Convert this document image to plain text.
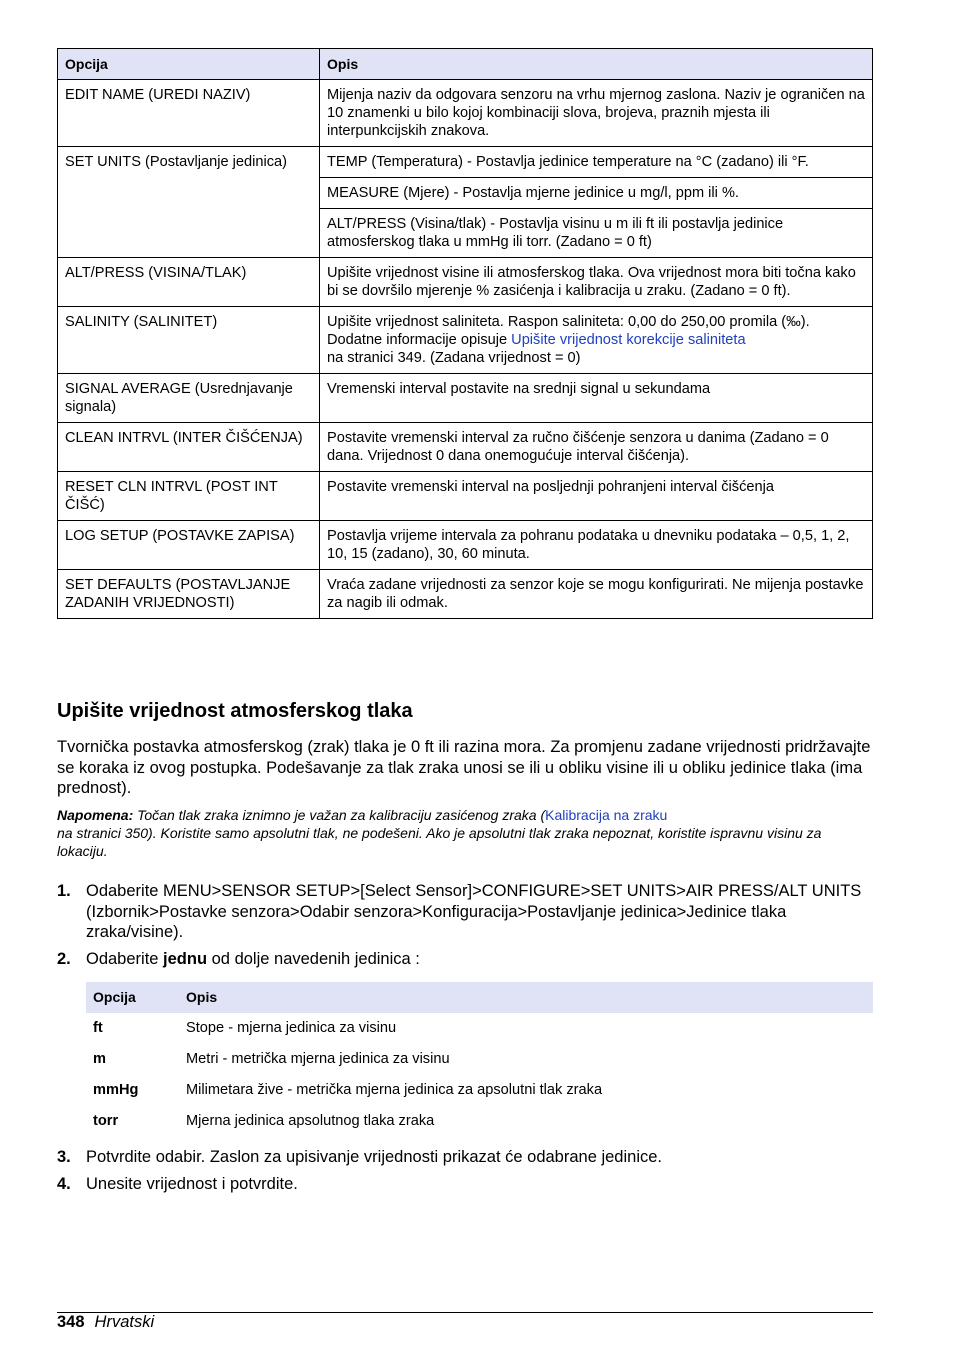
Opcija	Opis
EDIT NAME (UREDI NAZIV)	Mijenja naziv da odgovara senzoru na vrhu mjernog zaslona. Naziv je ograničen na 10 znamenki u bilo kojoj kombinaciji slova, brojeva, praznih mjesta ili interpunkcijskih znakova.
SET UNITS (Postavljanje jedinica)	TEMP (Temperatura) - Postavlja jedinice temperature na °C (zadano) ili °F.
	MEASURE (Mjere) - Postavlja mjerne jedinice u mg/l, ppm ili %.
	ALT/PRESS (Visina/tlak) - Postavlja visinu u m ili ft ili postavlja jedinice atmosferskog tlaka u mmHg ili torr. (Zadano = 0 ft)
ALT/PRESS (VISINA/TLAK)	Upišite vrijednost visine ili atmosferskog tlaka. Ova vrijednost mora biti točna kako bi se dovršilo mjerenje % zasićenja i kalibracija u zraku. (Zadano = 0 ft).
SALINITY (SALINITET)	Upišite vrijednost saliniteta. Raspon saliniteta: 0,00 do 250,00 promila (‰). Dodatne informacije opisuje Upišite vrijednost korekcije saliniteta
na stranici 349. (Zadana vrijednost = 0)
SIGNAL AVERAGE (Usrednjavanje signala)	Vremenski interval postavite na srednji signal u sekundama
CLEAN INTRVL (INTER ČIŠĆENJA)	Postavite vremenski interval za ručno čišćenje senzora u danima (Zadano = 0 dana. Vrijednost 0 dana onemogućuje interval čišćenja).
RESET CLN INTRVL (POST INT ČIŠĆ)	Postavite vremenski interval na posljednji pohranjeni interval čišćenja
LOG SETUP (POSTAVKE ZAPISA)	Postavlja vrijeme intervala za pohranu podataka u dnevniku podataka – 0,5, 1, 2, 10, 15 (zadano), 30, 60 minuta.
SET DEFAULTS (POSTAVLJANJE ZADANIH VRIJEDNOSTI)	Vraća zadane vrijednosti za senzor koje se mogu konfigurirati. Ne mijenja postavke za nagib ili odmak.
Upišite vrijednost atmosferskog tlaka

Tvornička postavka atmosferskog (zrak) tlaka je 0 ft ili razina mora. Za promjenu zadane vrijednosti pridržavajte se koraka iz ovog postupka. Podešavanje za tlak zraka unosi se ili u obliku visine ili u obliku jedinice tlaka (ima prednost).

Napomena: Točan tlak zraka iznimno je važan za kalibraciju zasićenog zraka (Kalibracija na zraku
na stranici 350). Koristite samo apsolutni tlak, ne podešeni. Ako je apsolutni tlak zraka nepoznat, koristite ispravnu visinu za lokaciju.

1. Odaberite MENU>SENSOR SETUP>[Select Sensor]>CONFIGURE>SET UNITS>AIR PRESS/ALT UNITS (Izbornik>Postavke senzora>Odabir senzora>Konfiguracija>Postavljanje jedinica>Jedinice tlaka zraka/visine).
2. Odaberite jednu od dolje navedenih jedinica :
Opcija	Opis
ft	Stope - mjerna jedinica za visinu
m	Metri - metrička mjerna jedinica za visinu
mmHg	Milimetara žive - metrička mjerna jedinica za apsolutni tlak zraka
torr	Mjerna jedinica apsolutnog tlaka zraka
3. Potvrdite odabir. Zaslon za upisivanje vrijednosti prikazat će odabrane jedinice.
4. Unesite vrijednost i potvrdite.
348 Hrvatski
